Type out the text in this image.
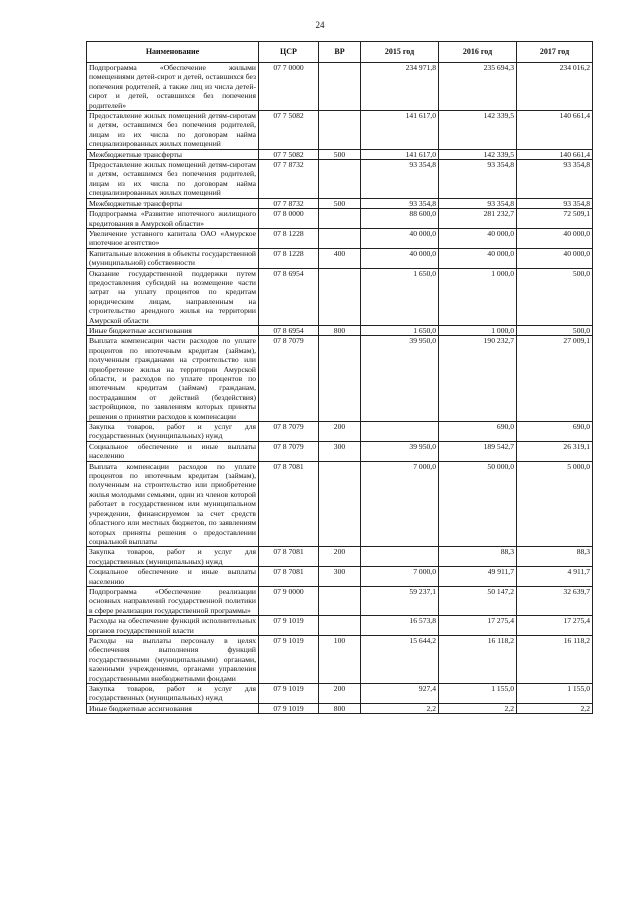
24
Наименование	ЦСР	ВР	2015 год	2016 год	2017 год
Подпрограмма «Обеспечение жилыми помещениями детей-сирот и детей, оставшихся без попечения родителей, а также лиц из числа детей-сирот и детей, оставшихся без попечения родителей»	07 7 0000		234 971,8	235 694,3	234 016,2
Предоставление жилых помещений детям-сиротам и детям, оставшимся без попечения родителей, лицам из их числа по договорам найма специализированных жилых помещений	07 7 5082		141 617,0	142 339,5	140 661,4
Межбюджетные трансферты	07 7 5082	500	141 617,0	142 339,5	140 661,4
Предоставление жилых помещений детям-сиротам и детям, оставшимся без попечения родителей, лицам из их числа по договорам найма специализированных жилых помещений	07 7 8732		93 354,8	93 354,8	93 354,8
Межбюджетные трансферты	07 7 8732	500	93 354,8	93 354,8	93 354,8
Подпрограмма «Развитие ипотечного жилищного кредитования в Амурской области»	07 8 0000		88 600,0	281 232,7	72 509,1
Увеличение уставного капитала ОАО «Амурское ипотечное агентство»	07 8 1228		40 000,0	40 000,0	40 000,0
Капитальные вложения в объекты государственной (муниципальной) собственности	07 8 1228	400	40 000,0	40 000,0	40 000,0
Оказание государственной поддержки путем предоставления субсидий на возмещение части затрат на уплату процентов по кредитам юридическим лицам, направленным на строительство арендного жилья на территории Амурской области	07 8 6954		1 650,0	1 000,0	500,0
Иные бюджетные ассигнования	07 8 6954	800	1 650,0	1 000,0	500,0
Выплата компенсации части расходов по уплате процентов по ипотечным кредитам (займам), полученным гражданами на строительство или приобретение жилья на территории Амурской области, и расходов по уплате процентов по ипотечным кредитам (займам) гражданам, пострадавшим от действий (бездействия) застройщиков, по заявлениям которых приняты решения о принятии расходов к компенсации	07 8 7079		39 950,0	190 232,7	27 009,1
Закупка товаров, работ и услуг для государственных (муниципальных) нужд	07 8 7079	200		690,0	690,0
Социальное обеспечение и иные выплаты населению	07 8 7079	300	39 950,0	189 542,7	26 319,1
Выплата компенсации расходов по уплате процентов по ипотечным кредитам (займам), полученным на строительство или приобретение жилья молодыми семьями, один из членов которой работает в государственном или муниципальном учреждении, финансируемом за счет средств областного или местных бюджетов, по заявлениям которых приняты решения о предоставлении социальной выплаты	07 8 7081		7 000,0	50 000,0	5 000,0
Закупка товаров, работ и услуг для государственных (муниципальных) нужд	07 8 7081	200		88,3	88,3
Социальное обеспечение и иные выплаты населению	07 8 7081	300	7 000,0	49 911,7	4 911,7
Подпрограмма «Обеспечение реализации основных направлений государственной политики в сфере реализации государственной программы»	07 9 0000		59 237,1	50 147,2	32 639,7
Расходы на обеспечение функций исполнительных органов государственной власти	07 9 1019		16 573,8	17 275,4	17 275,4
Расходы на выплаты персоналу в целях обеспечения выполнения функций государственными (муниципальными) органами, казенными учреждениями, органами управления государственными внебюджетными фондами	07 9 1019	100	15 644,2	16 118,2	16 118,2
Закупка товаров, работ и услуг для государственных (муниципальных) нужд	07 9 1019	200	927,4	1 155,0	1 155,0
Иные бюджетные ассигнования	07 9 1019	800	2,2	2,2	2,2
